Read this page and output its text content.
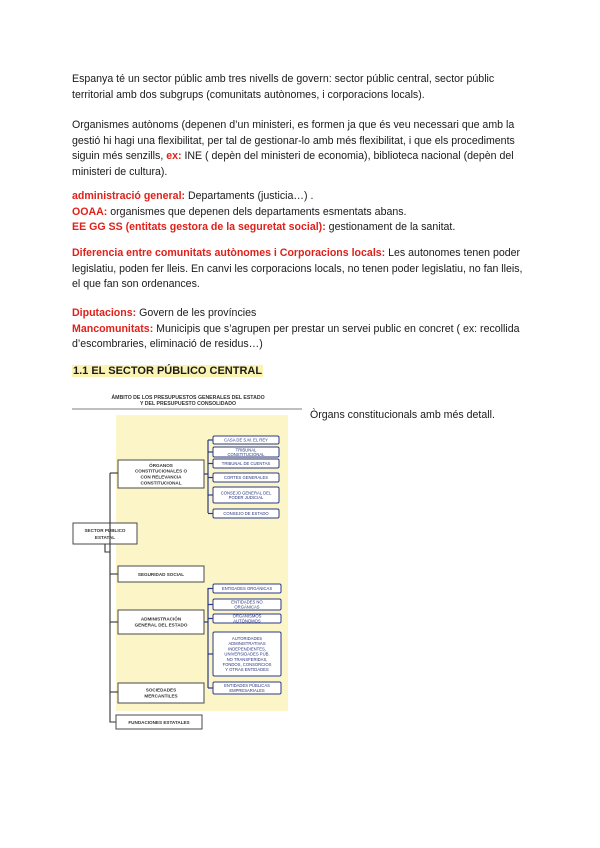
Espanya té un sector públic amb tres nivells de govern: sector públic central, sector públic territorial amb dos subgrups (comunitats autònomes, i corporacions locals).

Organismes autònoms (depenen d’un ministeri, es formen ja que és veu necessari que amb la gestió hi hagi una flexibilitat, per tal de gestionar-lo amb més flexibilitat, i que els procediments siguin més senzills, ex: INE ( depèn del ministeri de economia), biblioteca nacional (depèn del ministeri de cultura).

administració general: Departaments (justicia…) .

OOAA: organismes que depenen dels departaments esmentats abans.

EE GG SS (entitats gestora de la seguretat social): gestionament de la sanitat.

Diferencia entre comunitats autònomes i Corporacions locals: Les autonomes tenen poder legislatiu, poden fer lleis. En canvi les corporacions locals, no tenen poder legislatiu, no fan lleis, el que fan son ordenances.

Diputacions: Govern de les províncies

Mancomunitats: Municipis que s’agrupen per prestar un servei public en concret ( ex: recollida d’escombraries, eliminació de residus…)

1.1 EL SECTOR PÚBLICO CENTRAL
ÁMBITO DE LOS PRESUPUESTOS GENERALES DEL ESTADO
Y DEL PRESUPUESTO CONSOLIDADO
SECTOR PÚBLICO
ESTATAL
ÓRGANOS
CONSTITUCIONALES O
CON RELEVANCIA
CONSTITUCIONAL
CASA DE S.M. EL REY
TRIBUNAL
CONSTITUCIONAL
TRIBUNAL DE CUENTAS
CORTES GENERALES
CONSEJO GENERAL DEL
PODER JUDICIAL
CONSEJO DE ESTADO
SEGURIDAD SOCIAL
ADMINISTRACIÓN
GENERAL DEL ESTADO
ENTIDADES ORGÁNICAS
ENTIDADES NO
ORGÁNICAS
ORGANISMOS
AUTÓNOMOS
AUTORIDADES
ADMINISTRATIVAS
INDEPENDIENTES,
UNIVERSIDADES PÚB.
NO TRANSFERIDAS,
FONDOS, CONSORCIOS
Y OTRAS ENTIDADES
ENTIDADES PÚBLICAS
EMPRESARIALES
SOCIEDADES
MERCANTILES
FUNDACIONES ESTATALES
Òrgans constitucionals amb més detall.
